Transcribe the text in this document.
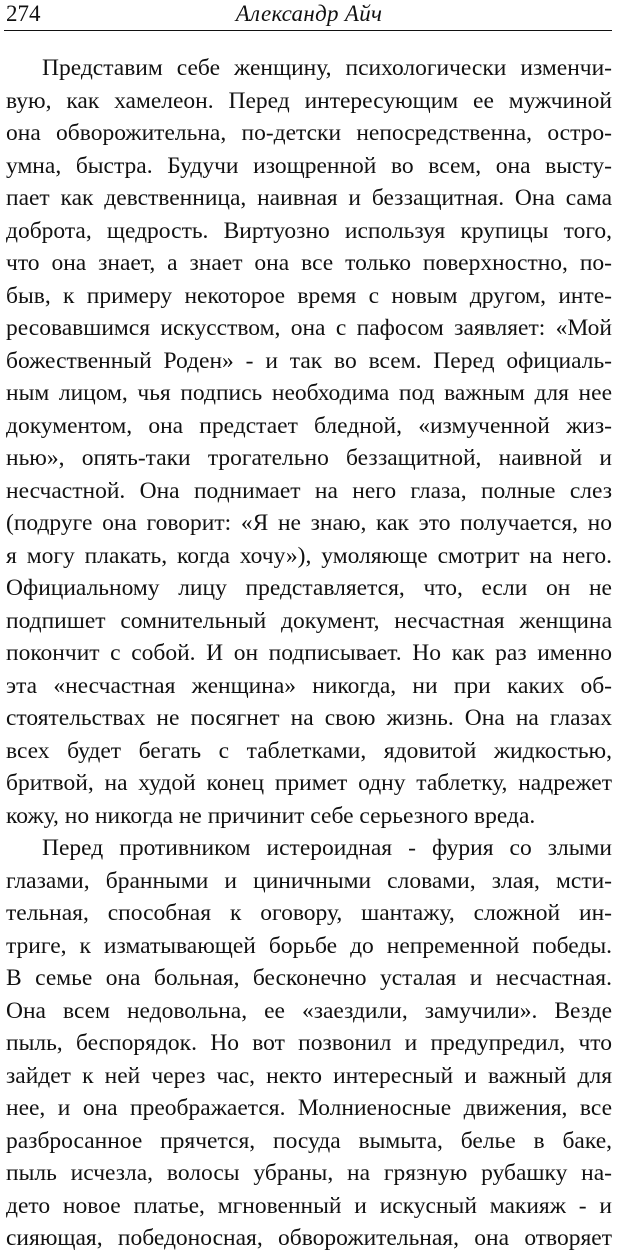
274	Александр Айч
Представим себе женщину, психологически изменчи-
вую, как хамелеон. Перед интересующим ее мужчиной
она обворожительна, по-детски непосредственна, остро-
умна, быстра. Будучи изощренной во всем, она высту-
пает как девственница, наивная и беззащитная. Она сама
доброта, щедрость. Виртуозно используя крупицы того,
что она знает, а знает она все только поверхностно, по-
быв, к примеру некоторое время с новым другом, инте-
ресовавшимся искусством, она с пафосом заявляет: «Мой
божественный Роден» - и так во всем. Перед официаль-
ным лицом, чья подпись необходима под важным для нее
документом, она предстает бледной, «измученной жиз-
нью», опять-таки трогательно беззащитной, наивной и
несчастной. Она поднимает на него глаза, полные слез
(подруге она говорит: «Я не знаю, как это получается, но
я могу плакать, когда хочу»), умоляюще смотрит на него.
Официальному лицу представляется, что, если он не
подпишет сомнительный документ, несчастная женщина
покончит с собой. И он подписывает. Но как раз именно
эта «несчастная женщина» никогда, ни при каких об-
стоятельствах не посягнет на свою жизнь. Она на глазах
всех будет бегать с таблетками, ядовитой жидкостью,
бритвой, на худой конец примет одну таблетку, надрежет
кожу, но никогда не причинит себе серьезного вреда.
Перед противником истероидная - фурия со злыми
глазами, бранными и циничными словами, злая, мсти-
тельная, способная к оговору, шантажу, сложной ин-
триге, к изматывающей борьбе до непременной победы.
В семье она больная, бесконечно усталая и несчастная.
Она всем недовольна, ее «заездили, замучили». Везде
пыль, беспорядок. Но вот позвонил и предупредил, что
зайдет к ней через час, некто интересный и важный для
нее, и она преображается. Молниеносные движения, все
разбросанное прячется, посуда вымыта, белье в баке,
пыль исчезла, волосы убраны, на грязную рубашку на-
дето новое платье, мгновенный и искусный макияж - и
сияющая, победоносная, обворожительная, она отворяет
